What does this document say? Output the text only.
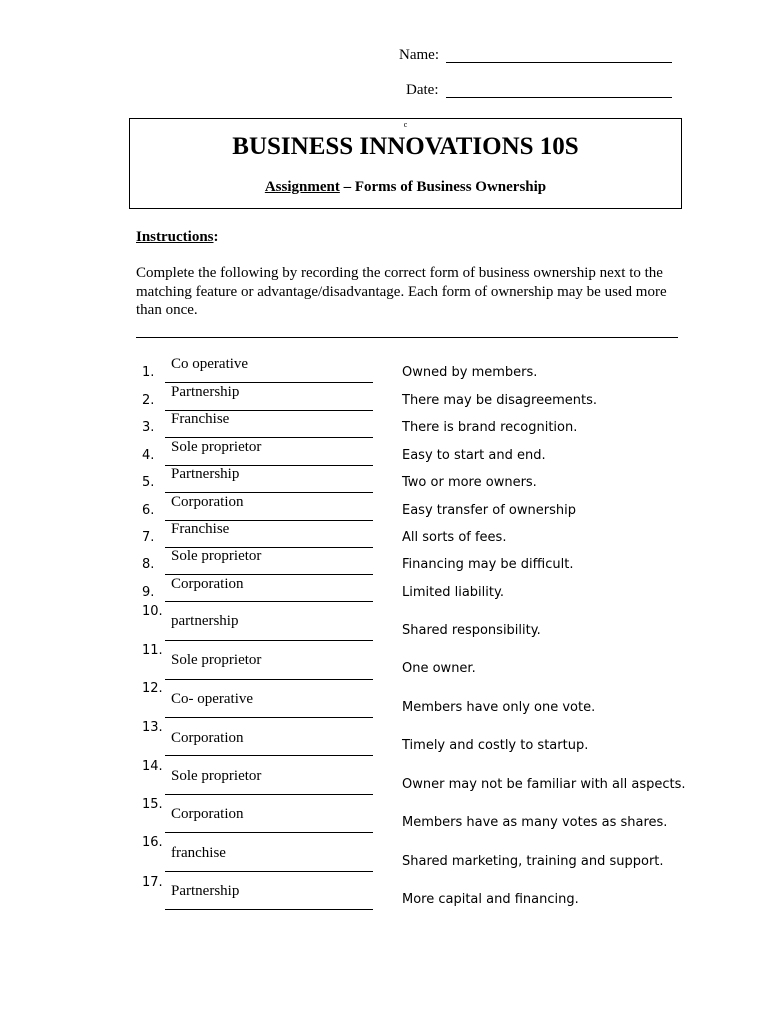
Name:
Date:
c
BUSINESS INNOVATIONS 10S
Assignment – Forms of Business Ownership
Instructions:
Complete the following by recording the correct form of business ownership next to the matching feature or advantage/disadvantage. Each form of ownership may be used more than once.
1.
Co operative
Owned by members.
2.
Partnership
There may be disagreements.
3.
Franchise
There is brand recognition.
4.
Sole proprietor
Easy to start and end.
5.
Partnership
Two or more owners.
6.
Corporation
Easy transfer of ownership
7.
Franchise
All sorts of fees.
8.
Sole proprietor
Financing may be difficult.
9.
Corporation
Limited liability.
10.
partnership
Shared responsibility.
11.
Sole proprietor
One owner.
12.
Co- operative
Members have only one vote.
13.
Corporation	Timely and costly to startup.
14.
Sole proprietor
Owner may not be familiar with all aspects.
15.
Corporation
Members have as many votes as shares.
16.
franchise
Shared marketing, training and support.
17.
Partnership
More capital and financing.
